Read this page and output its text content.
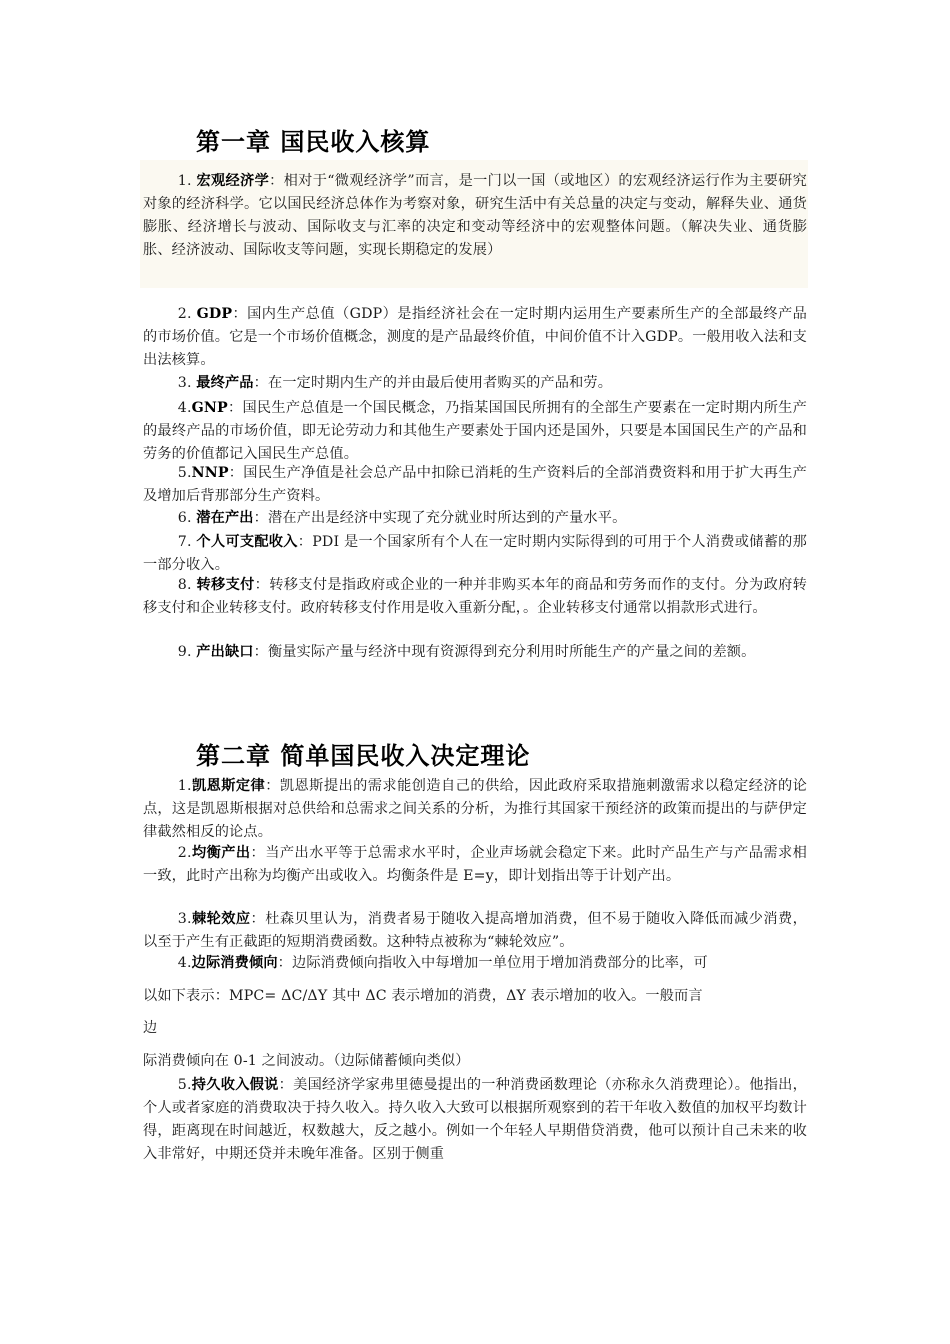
第一章 国民收入核算

1. 宏观经济学：相对于“微观经济学”而言，是一门以一国（或地区）的宏观经济运行作为主要研究对象的经济科学。它以国民经济总体作为考察对象，研究生活中有关总量的决定与变动，解释失业、通货膨胀、经济增长与波动、国际收支与汇率的决定和变动等经济中的宏观整体问题。（解决失业、通货膨胀、经济波动、国际收支等问题，实现长期稳定的发展）

2. GDP：国内生产总值（GDP）是指经济社会在一定时期内运用生产要素所生产的全部最终产品的市场价值。它是一个市场价值概念，测度的是产品最终价值，中间价值不计入GDP。一般用收入法和支出法核算。

3. 最终产品：在一定时期内生产的并由最后使用者购买的产品和劳。

4.GNP：国民生产总值是一个国民概念，乃指某国国民所拥有的全部生产要素在一定时期内所生产的最终产品的市场价值，即无论劳动力和其他生产要素处于国内还是国外，只要是本国国民生产的产品和劳务的价值都记入国民生产总值。

5.NNP：国民生产净值是社会总产品中扣除已消耗的生产资料后的全部消费资料和用于扩大再生产及增加后背那部分生产资料。

6. 潜在产出：潜在产出是经济中实现了充分就业时所达到的产量水平。

7. 个人可支配收入：PDI 是一个国家所有个人在一定时期内实际得到的可用于个人消费或储蓄的那一部分收入。

8. 转移支付：转移支付是指政府或企业的一种并非购买本年的商品和劳务而作的支付。分为政府转移支付和企业转移支付。政府转移支付作用是收入重新分配，。企业转移支付通常以捐款形式进行。

9. 产出缺口：衡量实际产量与经济中现有资源得到充分利用时所能生产的产量之间的差额。

第二章 简单国民收入决定理论

1.凯恩斯定律：凯恩斯提出的需求能创造自己的供给，因此政府采取措施刺激需求以稳定经济的论点，这是凯恩斯根据对总供给和总需求之间关系的分析，为推行其国家干预经济的政策而提出的与萨伊定律截然相反的论点。

2.均衡产出：当产出水平等于总需求水平时，企业声场就会稳定下来。此时产品生产与产品需求相一致，此时产出称为均衡产出或收入。均衡条件是 E=y，即计划指出等于计划产出。

3.棘轮效应：杜森贝里认为，消费者易于随收入提高增加消费，但不易于随收入降低而减少消费，以至于产生有正截距的短期消费函数。这种特点被称为“棘轮效应”。

4.边际消费倾向：边际消费倾向指收入中每增加一单位用于增加消费部分的比率，可

以如下表示：MPC= ΔC/ΔY 其中 ΔC 表示增加的消费，ΔY 表示增加的收入。一般而言

边

际消费倾向在 0-1 之间波动。（边际储蓄倾向类似）

5.持久收入假说：美国经济学家弗里德曼提出的一种消费函数理论（亦称永久消费理论）。他指出，个人或者家庭的消费取决于持久收入。持久收入大致可以根据所观察到的若干年收入数值的加权平均数计得，距离现在时间越近，权数越大，反之越小。例如一个年轻人早期借贷消费，他可以预计自己未来的收入非常好，中期还贷并未晚年准备。区别于侧重
